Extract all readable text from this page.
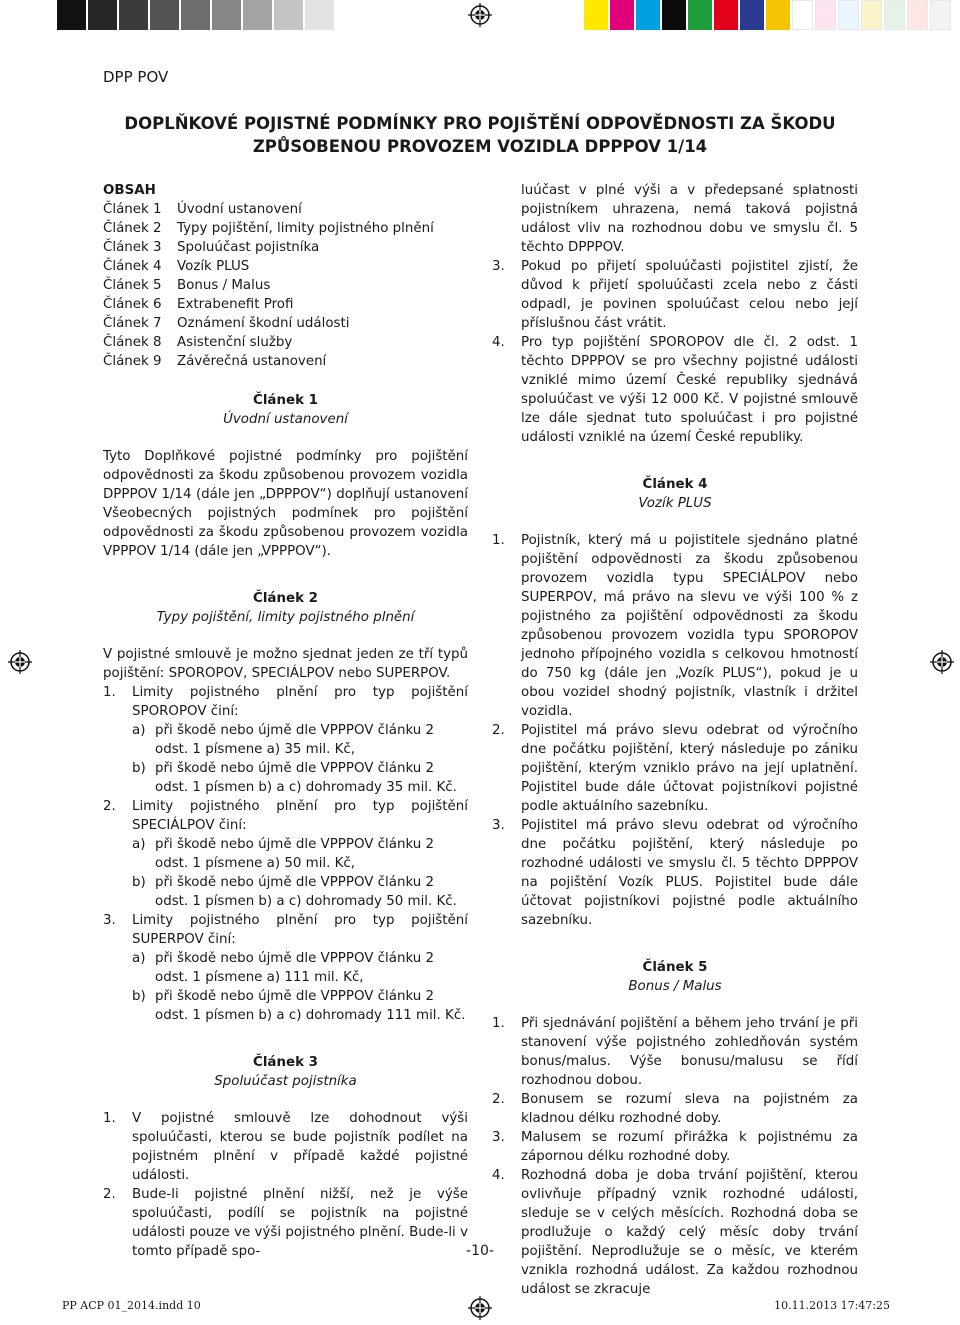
DPP POV
DOPLŇKOVÉ POJISTNÉ PODMÍNKY PRO POJIŠTĚNÍ ODPOVĚDNOSTI ZA ŠKODU
ZPŮSOBENOU PROVOZEM VOZIDLA DPPPOV 1/14
OBSAH
Článek 1	Úvodní ustanovení
Článek 2	Typy pojištění, limity pojistného plnění
Článek 3	Spoluúčast pojistníka
Článek 4	Vozík PLUS
Článek 5	Bonus / Malus
Článek 6	Extrabenefit Profi
Článek 7	Oznámení škodní události
Článek 8	Asistenční služby
Článek 9	Závěrečná ustanovení
Článek 1
Úvodní ustanovení
Tyto Doplňkové pojistné podmínky pro pojištění odpovědnosti za škodu způsobenou provozem vozidla DPPPOV 1/14 (dále jen „DPPPOV“) doplňují ustanovení Všeobecných pojistných podmínek pro pojištění odpovědnosti za škodu způsobenou provozem vozidla VPPPOV 1/14 (dále jen „VPPPOV“).
Článek 2
Typy pojištění, limity pojistného plnění
V pojistné smlouvě je možno sjednat jeden ze tří typů pojištění: SPOROPOV, SPECIÁLPOV nebo SUPERPOV.
1.	Limity pojistného plnění pro typ pojištění SPOROPOV činí:
a) při škodě nebo újmě dle VPPPOV článku 2 odst. 1 písmene a) 35 mil. Kč,
b) při škodě nebo újmě dle VPPPOV článku 2 odst. 1 písmen b) a c) dohromady 35 mil. Kč.
2.	Limity pojistného plnění pro typ pojištění SPECIÁLPOV činí:
a) při škodě nebo újmě dle VPPPOV článku 2 odst. 1 písmene a) 50 mil. Kč,
b) při škodě nebo újmě dle VPPPOV článku 2 odst. 1 písmen b) a c) dohromady 50 mil. Kč.
3.	Limity pojistného plnění pro typ pojištění SUPERPOV činí:
a) při škodě nebo újmě dle VPPPOV článku 2 odst. 1 písmene a) 111 mil. Kč,
b) při škodě nebo újmě dle VPPPOV článku 2 odst. 1 písmen b) a c) dohromady 111 mil. Kč.
Článek 3
Spoluúčast pojistníka
1.	V pojistné smlouvě lze dohodnout výši spoluúčasti, kterou se bude pojistník podílet na pojistném plnění v případě každé pojistné události.
2.	Bude-li pojistné plnění nižší, než je výše spoluúčasti, podílí se pojistník na pojistné události pouze ve výši pojistného plnění. Bude-li v tomto případě spo-
luúčast v plné výši a v předepsané splatnosti pojistníkem uhrazena, nemá taková pojistná událost vliv na rozhodnou dobu ve smyslu čl. 5 těchto DPPPOV.
3.	Pokud po přijetí spoluúčasti pojistitel zjistí, že důvod k přijetí spoluúčasti zcela nebo z části odpadl, je povinen spoluúčast celou nebo její příslušnou část vrátit.
4.	Pro typ pojištění SPOROPOV dle čl. 2 odst. 1 těchto DPPPOV se pro všechny pojistné události vzniklé mimo území České republiky sjednává spoluúčast ve výši 12 000 Kč. V pojistné smlouvě lze dále sjednat tuto spoluúčast i pro pojistné události vzniklé na území České republiky.
Článek 4
Vozík PLUS
1.	Pojistník, který má u pojistitele sjednáno platné pojištění odpovědnosti za škodu způsobenou provozem vozidla typu SPECIÁLPOV nebo SUPERPOV, má právo na slevu ve výši 100 % z pojistného za pojištění odpovědnosti za škodu způsobenou provozem vozidla typu SPOROPOV jednoho přípojného vozidla s celkovou hmotností do 750 kg (dále jen „Vozík PLUS“), pokud je u obou vozidel shodný pojistník, vlastník i držitel vozidla.
2.	Pojistitel má právo slevu odebrat od výročního dne počátku pojištění, který následuje po zániku pojištění, kterým vzniklo právo na její uplatnění. Pojistitel bude dále účtovat pojistníkovi pojistné podle aktuálního sazebníku.
3.	Pojistitel má právo slevu odebrat od výročního dne počátku pojištění, který následuje po rozhodné události ve smyslu čl. 5 těchto DPPPOV na pojištění Vozík PLUS. Pojistitel bude dále účtovat pojistníkovi pojistné podle aktuálního sazebníku.
Článek 5
Bonus / Malus
1.	Při sjednávání pojištění a během jeho trvání je při stanovení výše pojistného zohledňován systém bonus/malus. Výše bonusu/malusu se řídí rozhodnou dobou.
2.	Bonusem se rozumí sleva na pojistném za kladnou délku rozhodné doby.
3.	Malusem se rozumí přirážka k pojistnému za zápornou délku rozhodné doby.
4.	Rozhodná doba je doba trvání pojištění, kterou ovlivňuje případný vznik rozhodné události, sleduje se v celých měsících. Rozhodná doba se prodlužuje o každý celý měsíc doby trvání pojištění. Neprodlužuje se o měsíc, ve kterém vznikla rozhodná událost. Za každou rozhodnou událost se zkracuje
-10-
PP ACP 01_2014.indd 10	10.11.2013 17:47:25
